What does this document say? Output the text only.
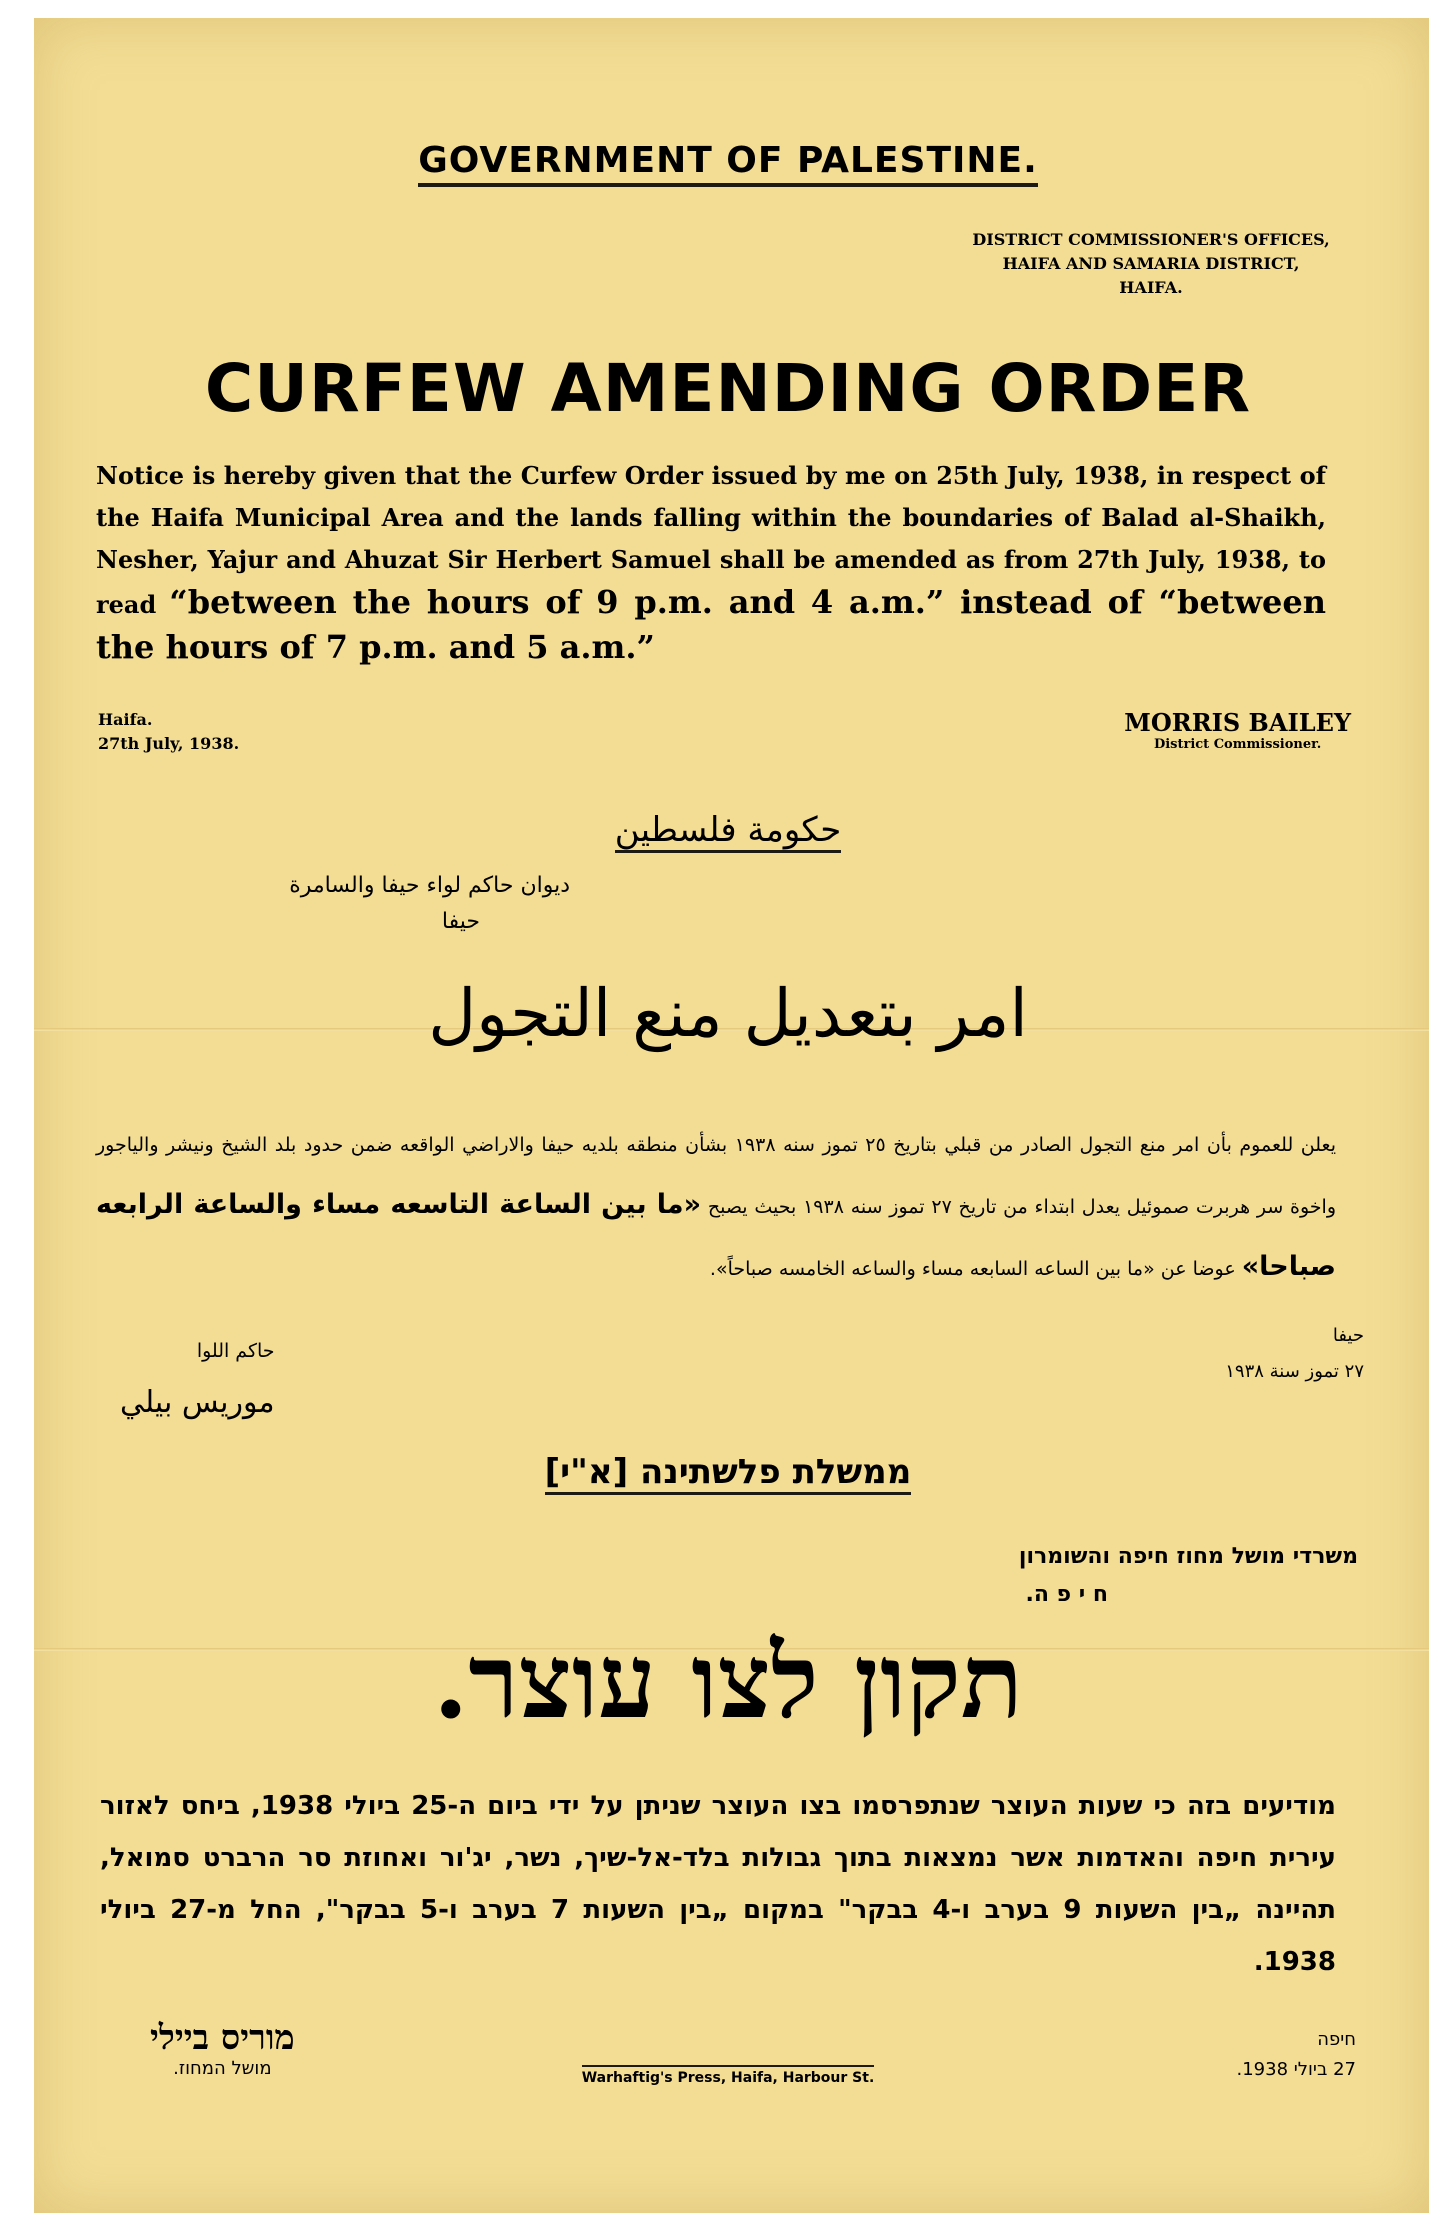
GOVERNMENT OF PALESTINE.
DISTRICT COMMISSIONER'S OFFICES,
HAIFA AND SAMARIA DISTRICT,
HAIFA.
CURFEW AMENDING ORDER
Notice is hereby given that the Curfew Order issued by me on 25th July, 1938, in respect of the Haifa Municipal Area and the lands falling within the boundaries of Balad al-Shaikh, Nesher, Yajur and Ahuzat Sir Herbert Samuel shall be amended as from 27th July, 1938, to read “between the hours of 9 p.m. and 4 a.m.” instead of “between the hours of 7 p.m. and 5 a.m.”
Haifa.
27th July, 1938.
MORRIS BAILEY
District Commissioner.
حكومة فلسطين
ديوان حاكم لواء حيفا والسامرة
حيفا
امر بتعديل منع التجول
يعلن للعموم بأن امر منع التجول الصادر من قبلي بتاريخ ٢٥ تموز سنه ١٩٣٨ بشأن منطقه بلديه حيفا والاراضي الواقعه ضمن حدود بلد الشيخ ونيشر والياجور واخوة سر هربرت صموئيل يعدل ابتداء من تاريخ ٢٧ تموز سنه ١٩٣٨ بحيث يصبح «ما بين الساعة التاسعه مساء والساعة الرابعه صباحا» عوضا عن «ما بين الساعه السابعه مساء والساعه الخامسه صباحاً».
حيفا
٢٧ تموز سنة ١٩٣٨
حاكم اللوا
موريس بيلي
ממשלת פלשתינה [א"י]
משרדי מושל מחוז חיפה והשומרון
ח י פ ה.
תקון לצו עוצר.
מודיעים בזה כי שעות העוצר שנתפרסמו בצו העוצר שניתן על ידי ביום ה-25 ביולי 1938, ביחס לאזור עירית חיפה והאדמות אשר נמצאות בתוך גבולות בלד-אל-שיך, נשר, יג'ור ואחוזת סר הרברט סמואל, תהיינה „בין השעות 9 בערב ו-4 בבקר" במקום „בין השעות 7 בערב ו-5 בבקר", החל מ-27 ביולי 1938.
מוריס ביילי
מושל המחוז.
חיפה
27 ביולי 1938.
Warhaftig's Press, Haifa, Harbour St.
